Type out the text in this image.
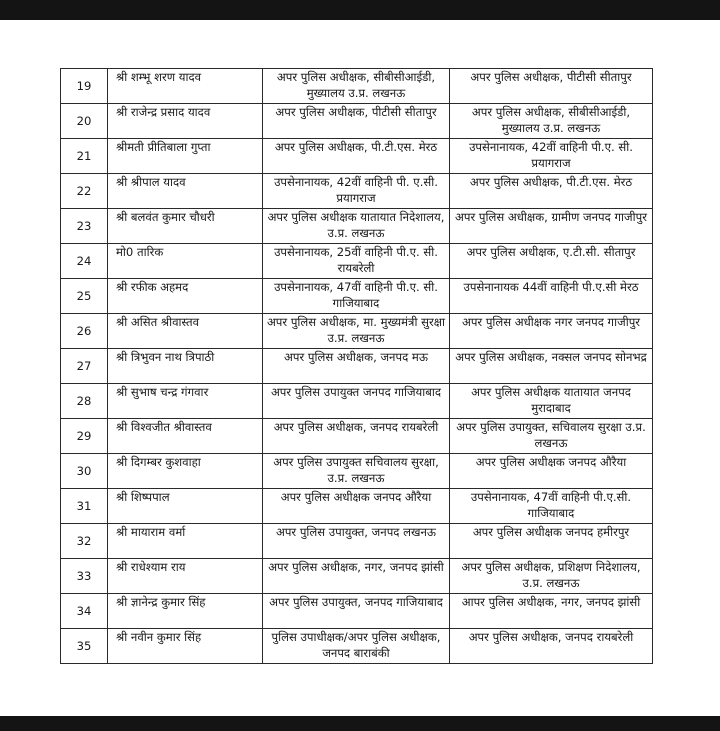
19	श्री शम्भू शरण यादव	अपर पुलिस अधीक्षक, सीबीसीआईडी, मुख्यालय उ.प्र. लखनऊ	अपर पुलिस अधीक्षक, पीटीसी सीतापुर

20	श्री राजेन्द्र प्रसाद यादव	अपर पुलिस अधीक्षक, पीटीसी सीतापुर	अपर पुलिस अधीक्षक, सीबीसीआईडी, मुख्यालय उ.प्र. लखनऊ

21	श्रीमती प्रीतिबाला गुप्ता	अपर पुलिस अधीक्षक, पी.टी.एस. मेरठ	उपसेनानायक, 42वीं वाहिनी पी.ए. सी. प्रयागराज

22	श्री श्रीपाल यादव	उपसेनानायक, 42वीं वाहिनी पी. ए.सी. प्रयागराज	अपर पुलिस अधीक्षक, पी.टी.एस. मेरठ

23	श्री बलवंत कुमार चौधरी	अपर पुलिस अधीक्षक यातायात निदेशालय, उ.प्र. लखनऊ	अपर पुलिस अधीक्षक, ग्रामीण जनपद गाजीपुर

24	मो0 तारिक	उपसेनानायक, 25वीं वाहिनी पी.ए. सी. रायबरेली	अपर पुलिस अधीक्षक, ए.टी.सी. सीतापुर

25	श्री रफीक अहमद	उपसेनानायक, 47वीं वाहिनी पी.ए. सी. गाजियाबाद	उपसेनानायक 44वीं वाहिनी पी.ए.सी मेरठ

26	श्री असित श्रीवास्तव	अपर पुलिस अधीक्षक, मा. मुख्यमंत्री सुरक्षा उ.प्र. लखनऊ	अपर पुलिस अधीक्षक नगर जनपद गाजीपुर

27	श्री त्रिभुवन नाथ त्रिपाठी	अपर पुलिस अधीक्षक, जनपद मऊ	अपर पुलिस अधीक्षक, नक्सल जनपद सोनभद्र

28	श्री सुभाष चन्द्र गंगवार	अपर पुलिस उपायुक्त जनपद गाजियाबाद	अपर पुलिस अधीक्षक यातायात जनपद मुरादाबाद

29	श्री विश्वजीत श्रीवास्तव	अपर पुलिस अधीक्षक, जनपद रायबरेली	अपर पुलिस उपायुक्त, सचिवालय सुरक्षा उ.प्र. लखनऊ

30	श्री दिगम्बर कुशवाहा	अपर पुलिस उपायुक्त सचिवालय सुरक्षा, उ.प्र. लखनऊ	अपर पुलिस अधीक्षक जनपद औरैया

31	श्री शिष्पपाल	अपर पुलिस अधीक्षक जनपद औरैया	उपसेनानायक, 47वीं वाहिनी पी.ए.सी. गाजियाबाद

32	श्री मायाराम वर्मा	अपर पुलिस उपायुक्त, जनपद लखनऊ	अपर पुलिस अधीक्षक जनपद हमीरपुर

33	श्री राधेश्याम राय	अपर पुलिस अधीक्षक, नगर, जनपद झांसी	अपर पुलिस अधीक्षक, प्रशिक्षण निदेशालय, उ.प्र. लखनऊ

34	श्री ज्ञानेन्द्र कुमार सिंह	अपर पुलिस उपायुक्त, जनपद गाजियाबाद	आपर पुलिस अधीक्षक, नगर, जनपद झांसी

35	श्री नवीन कुमार सिंह	पुलिस उपाधीक्षक/अपर पुलिस अधीक्षक, जनपद बाराबंकी	अपर पुलिस अधीक्षक, जनपद रायबरेली
